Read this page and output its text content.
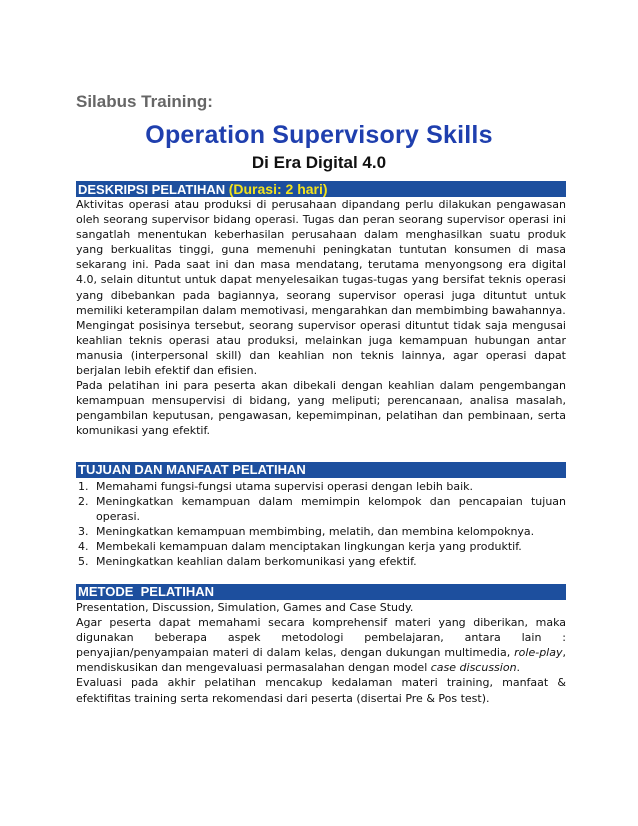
Silabus Training:

Operation Supervisory Skills
Di Era Digital 4.0
DESKRIPSI PELATIHAN (Durasi: 2 hari)

Aktivitas operasi atau produksi di perusahaan dipandang perlu dilakukan pengawasan oleh seorang supervisor bidang operasi. Tugas dan peran seorang supervisor operasi ini sangatlah menentukan keberhasilan perusahaan dalam menghasilkan suatu produk yang berkualitas tinggi, guna memenuhi peningkatan tuntutan konsumen di masa sekarang ini. Pada saat ini dan masa mendatang, terutama menyongsong era digital 4.0, selain dituntut untuk dapat menyelesaikan tugas-tugas yang bersifat teknis operasi yang dibebankan pada bagiannya, seorang supervisor operasi juga dituntut untuk memiliki keterampilan dalam memotivasi, mengarahkan dan membimbing bawahannya.

Mengingat posisinya tersebut, seorang supervisor operasi dituntut tidak saja mengusai keahlian teknis operasi atau produksi, melainkan juga kemampuan hubungan antar manusia (interpersonal skill) dan keahlian non teknis lainnya, agar operasi dapat berjalan lebih efektif dan efisien.

Pada pelatihan ini para peserta akan dibekali dengan keahlian dalam pengembangan kemampuan mensupervisi di bidang, yang meliputi; perencanaan, analisa masalah, pengambilan keputusan, pengawasan, kepemimpinan, pelatihan dan pembinaan, serta komunikasi yang efektif.

TUJUAN DAN MANFAAT PELATIHAN
1. Memahami fungsi-fungsi utama supervisi operasi dengan lebih baik.
2. Meningkatkan kemampuan dalam memimpin kelompok dan pencapaian tujuan operasi.
3. Meningkatkan kemampuan membimbing, melatih, dan membina kelompoknya.
4. Membekali kemampuan dalam menciptakan lingkungan kerja yang produktif.
5. Meningkatkan keahlian dalam berkomunikasi yang efektif.
METODE  PELATIHAN

Presentation, Discussion, Simulation, Games and Case Study.

Agar peserta dapat memahami secara komprehensif materi yang diberikan, maka digunakan beberapa aspek metodologi pembelajaran, antara lain : penyajian/penyampaian materi di dalam kelas, dengan dukungan multimedia, role-play, mendiskusikan dan mengevaluasi permasalahan dengan model case discussion.

Evaluasi pada akhir pelatihan mencakup kedalaman materi training, manfaat & efektifitas training serta rekomendasi dari peserta (disertai Pre & Pos test).
